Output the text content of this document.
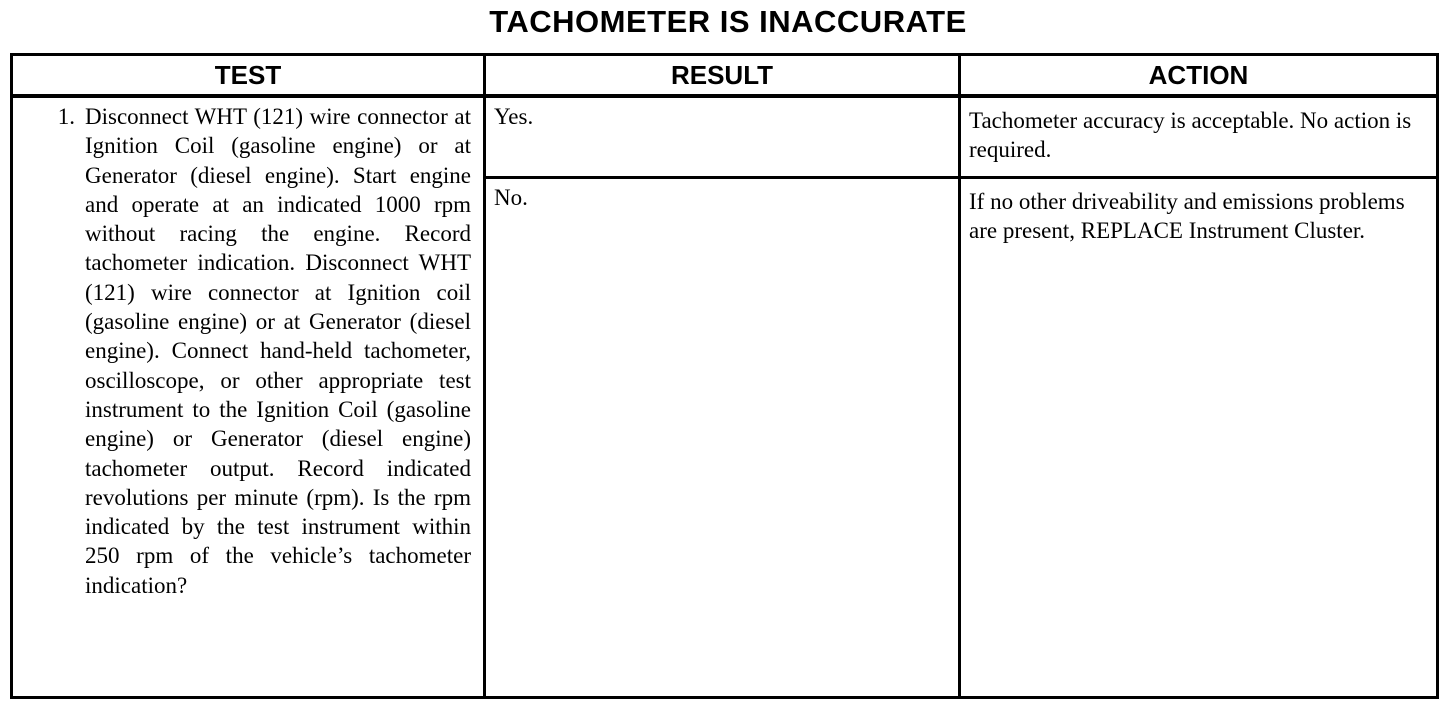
TACHOMETER IS INACCURATE
TEST	RESULT	ACTION

1. Disconnect WHT (121) wire connector at Ignition Coil (gasoline engine) or at Generator (diesel engine). Start engine and operate at an indicated 1000 rpm without racing the engine. Record tachometer indication. Disconnect WHT (121) wire connector at Ignition coil (gasoline engine) or at Generator (diesel engine). Connect hand-held tachometer, oscilloscope, or other appropriate test instrument to the Ignition Coil (gasoline engine) or Generator (diesel engine) tachometer output. Record indicated revolutions per minute (rpm). Is the rpm indicated by the test instrument within 250 rpm of the vehicle’s tachometer indication?	Yes.	Tachometer accuracy is acceptable. No action is required.
	No.	If no other driveability and emissions problems are present, REPLACE Instrument Cluster.
